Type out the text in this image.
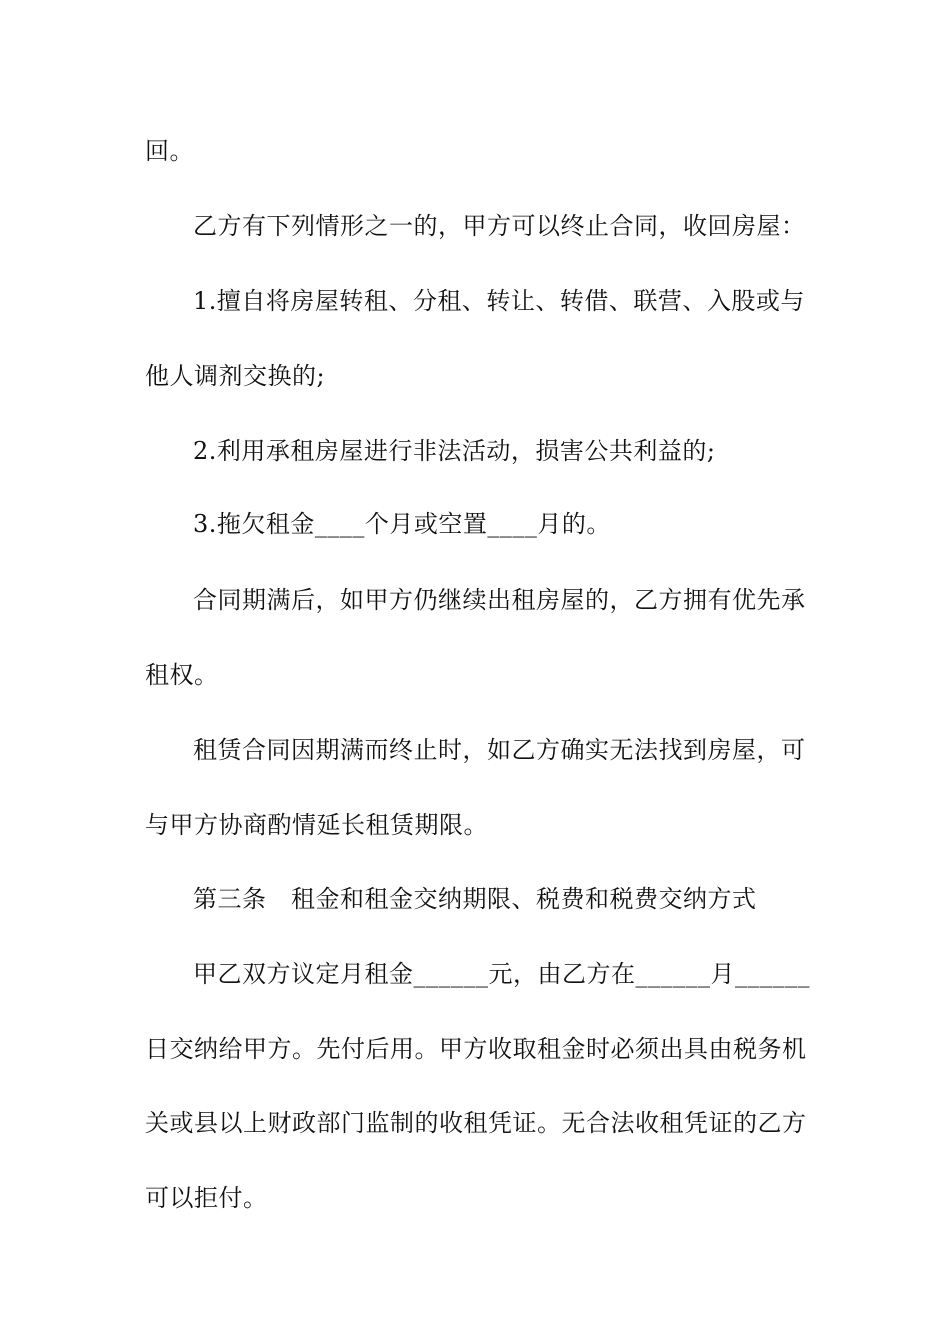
回。
乙方有下列情形之一的，甲方可以终止合同，收回房屋：
1.擅自将房屋转租、分租、转让、转借、联营、入股或与
他人调剂交换的;
2.利用承租房屋进行非法活动，损害公共利益的;
3.拖欠租金____个月或空置____月的。
合同期满后，如甲方仍继续出租房屋的，乙方拥有优先承
租权。
租赁合同因期满而终止时，如乙方确实无法找到房屋，可
与甲方协商酌情延长租赁期限。
第三条　租金和租金交纳期限、税费和税费交纳方式
甲乙双方议定月租金______元，由乙方在______月______
日交纳给甲方。先付后用。甲方收取租金时必须出具由税务机
关或县以上财政部门监制的收租凭证。无合法收租凭证的乙方
可以拒付。
